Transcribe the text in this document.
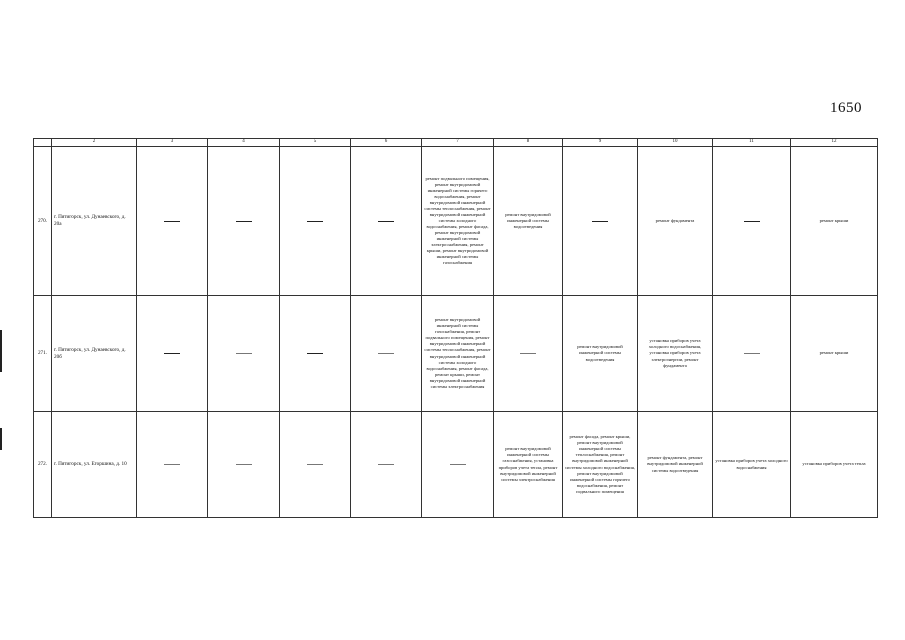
1650
	2	3	4	5	6	7	8	9	10	11	12
270.	г. Пятигорск, ул. Дунаевского, д. 20а					ремонт подвального помещения, ремонт внутридомовой инженерной системы горячего водоснабжения, ремонт внутридомовой инженерной системы теплоснабжения, ремонт внутридомовой инженерной системы холодного водоснабжения, ремонт фасада, ремонт внутридомовой инженерной системы электроснабжения, ремонт крыши, ремонт внутридомовой инженерной системы газоснабжения	ремонт внутридомовой инженерной системы водоотведения		ремонт фундамента		ремонт крыши
271.	г. Пятигорск, ул. Дунаевского, д. 20б					ремонт внутридомовой инженерной системы газоснабжения, ремонт подвального помещения, ремонт внутридомовой инженерной системы теплоснабжения, ремонт внутридомовой инженерной системы холодного водоснабжения, ремонт фасада, ремонт крыши, ремонт внутридомовой инженерной системы электроснабжения		ремонт внутридомовой инженерной системы водоотведения	установка приборов учета холодного водоснабжения, установка приборов учета электроэнергии, ремонт фундамента		ремонт крыши
272.	г. Пятигорск, ул. Егоршина, д. 10						ремонт внутридомовой инженерной системы газоснабжения, установка приборов учета тепла, ремонт внутридомовой инженерной системы электроснабжения	ремонт фасада, ремонт крыши, ремонт внутридомовой инженерной системы теплоснабжения, ремонт внутридомовой инженерной системы холодного водоснабжения, ремонт внутридомовой инженерной системы горячего водоснабжения, ремонт подвального помещения	ремонт фундамента, ремонт внутридомовой инженерной системы водоотведения	установка приборов учета холодного водоснабжения	установка приборов учета тепла
